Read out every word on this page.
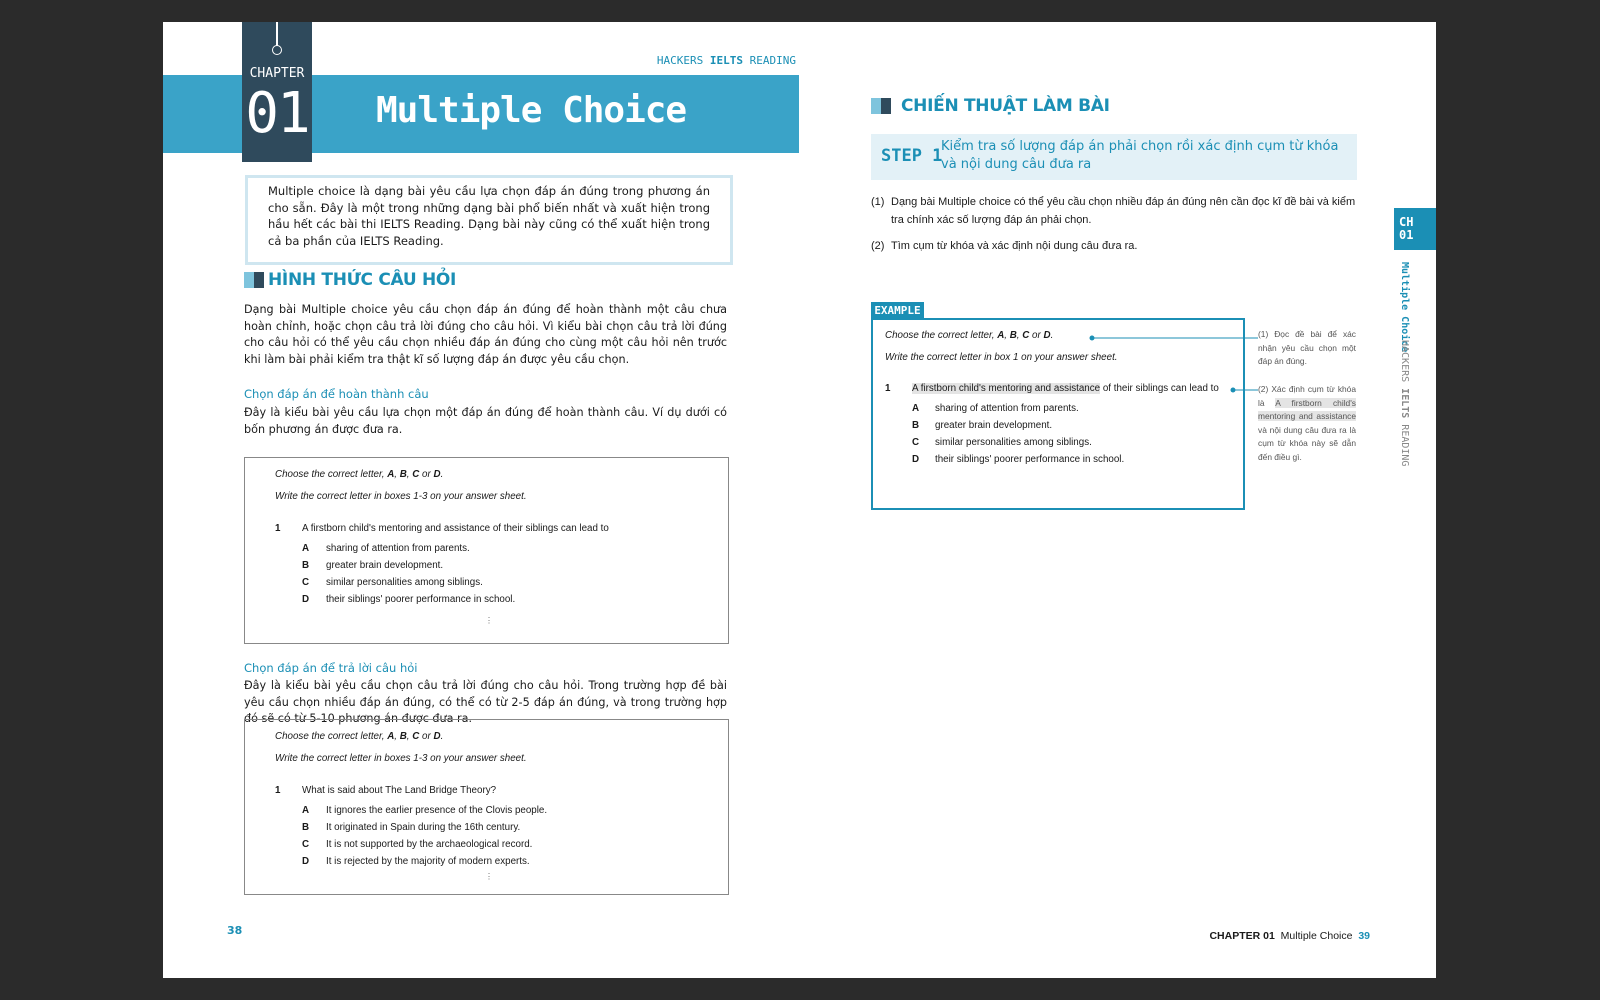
HACKERS IELTS READING
Multiple Choice
CHAPTER
01
Multiple choice là dạng bài yêu cầu lựa chọn đáp án đúng trong phương án cho sẵn. Đây là một trong những dạng bài phổ biến nhất và xuất hiện trong hầu hết các bài thi IELTS Reading. Dạng bài này cũng có thể xuất hiện trong cả ba phần của IELTS Reading.
HÌNH THỨC CÂU HỎI
Dạng bài Multiple choice yêu cầu chọn đáp án đúng để hoàn thành một câu chưa hoàn chỉnh, hoặc chọn câu trả lời đúng cho câu hỏi. Vì kiểu bài chọn câu trả lời đúng cho câu hỏi có thể yêu cầu chọn nhiều đáp án đúng cho cùng một câu hỏi nên trước khi làm bài phải kiểm tra thật kĩ số lượng đáp án được yêu cầu chọn.
Chọn đáp án để hoàn thành câu
Đây là kiểu bài yêu cầu lựa chọn một đáp án đúng để hoàn thành câu. Ví dụ dưới có bốn phương án được đưa ra.
Choose the correct letter, A, B, C or D.
Write the correct letter in boxes 1-3 on your answer sheet.
1 A firstborn child's mentoring and assistance of their siblings can lead to
A sharing of attention from parents.
B greater brain development.
C similar personalities among siblings.
D their siblings' poorer performance in school.
⋮
Chọn đáp án để trả lời câu hỏi
Đây là kiểu bài yêu cầu chọn câu trả lời đúng cho câu hỏi. Trong trường hợp đề bài yêu cầu chọn nhiều đáp án đúng, có thể có từ 2-5 đáp án đúng, và trong trường hợp đó sẽ có từ 5-10 phương án được đưa ra.
Choose the correct letter, A, B, C or D.
Write the correct letter in boxes 1-3 on your answer sheet.
1 What is said about The Land Bridge Theory?
A It ignores the earlier presence of the Clovis people.
B It originated in Spain during the 16th century.
C It is not supported by the archaeological record.
D It is rejected by the majority of modern experts.
⋮
38
CHIẾN THUẬT LÀM BÀI
STEP 1
Kiểm tra số lượng đáp án phải chọn rồi xác định cụm từ khóa và nội dung câu đưa ra
(1) Dạng bài Multiple choice có thể yêu cầu chọn nhiều đáp án đúng nên cần đọc kĩ đề bài và kiểm tra chính xác số lượng đáp án phải chọn.
(2) Tìm cụm từ khóa và xác định nội dung câu đưa ra.
EXAMPLE
Choose the correct letter, A, B, C or D.
Write the correct letter in box 1 on your answer sheet.
1 A firstborn child's mentoring and assistance of their siblings can lead to
A sharing of attention from parents.
B greater brain development.
C similar personalities among siblings.
D their siblings' poorer performance in school.
(1) Đọc đề bài để xác nhận yêu cầu chọn một đáp án đúng.
(2) Xác định cụm từ khóa là A firstborn child's mentoring and assistance và nội dung câu đưa ra là cụm từ khóa này sẽ dẫn đến điều gì.
CH
01
Multiple Choice
HACKERS IELTS READING
CHAPTER 01 Multiple Choice 39
